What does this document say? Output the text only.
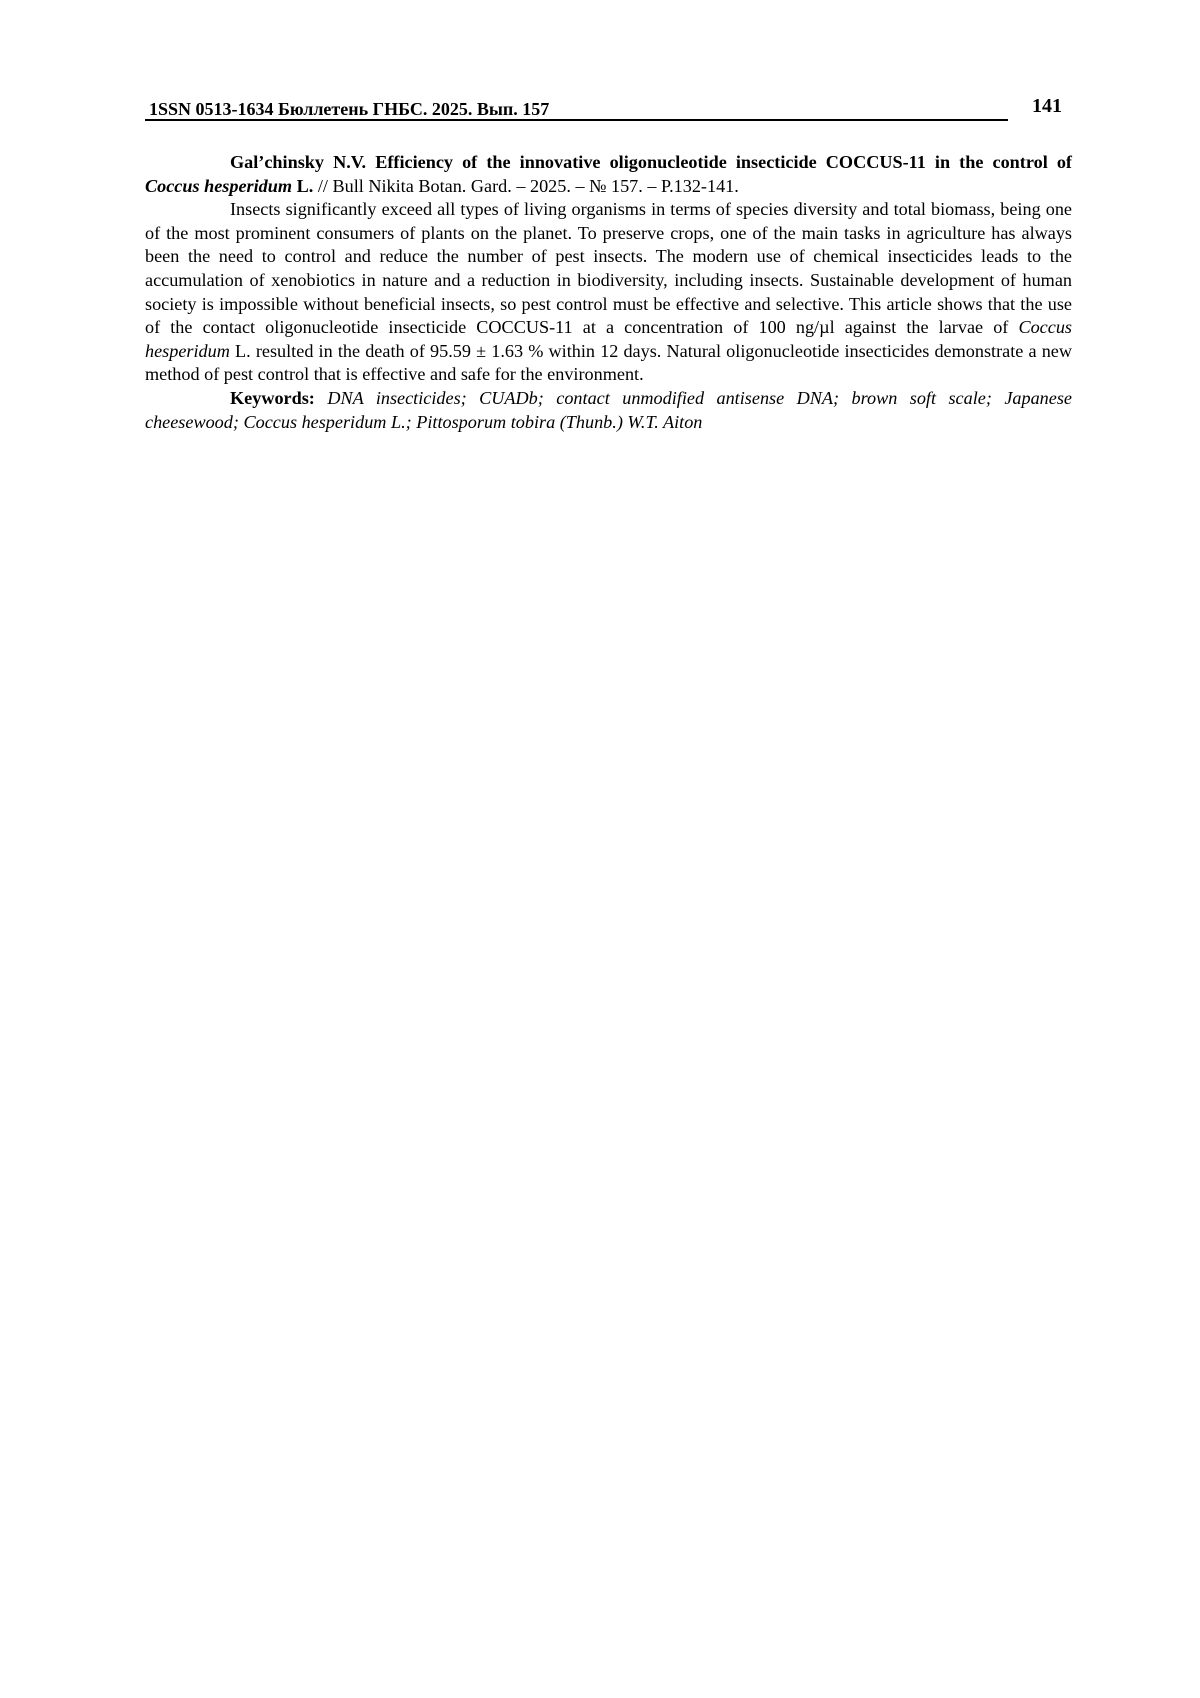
1SSN 0513-1634 Бюллетень ГНБС. 2025. Вып. 157	141

Gal’chinsky N.V. Efficiency of the innovative oligonucleotide insecticide COCCUS-11 in the control of Coccus hesperidum L. // Bull Nikita Botan. Gard. – 2025. – № 157. – P.132-141.

Insects significantly exceed all types of living organisms in terms of species diversity and total biomass, being one of the most prominent consumers of plants on the planet. To preserve crops, one of the main tasks in agriculture has always been the need to control and reduce the number of pest insects. The modern use of chemical insecticides leads to the accumulation of xenobiotics in nature and a reduction in biodiversity, including insects. Sustainable development of human society is impossible without beneficial insects, so pest control must be effective and selective. This article shows that the use of the contact oligonucleotide insecticide COCCUS-11 at a concentration of 100 ng/µl against the larvae of Coccus hesperidum L. resulted in the death of 95.59 ± 1.63 % within 12 days. Natural oligonucleotide insecticides demonstrate a new method of pest control that is effective and safe for the environment.

Keywords: DNA insecticides; CUADb; contact unmodified antisense DNA; brown soft scale; Japanese cheesewood; Coccus hesperidum L.; Pittosporum tobira (Thunb.) W.T. Aiton
